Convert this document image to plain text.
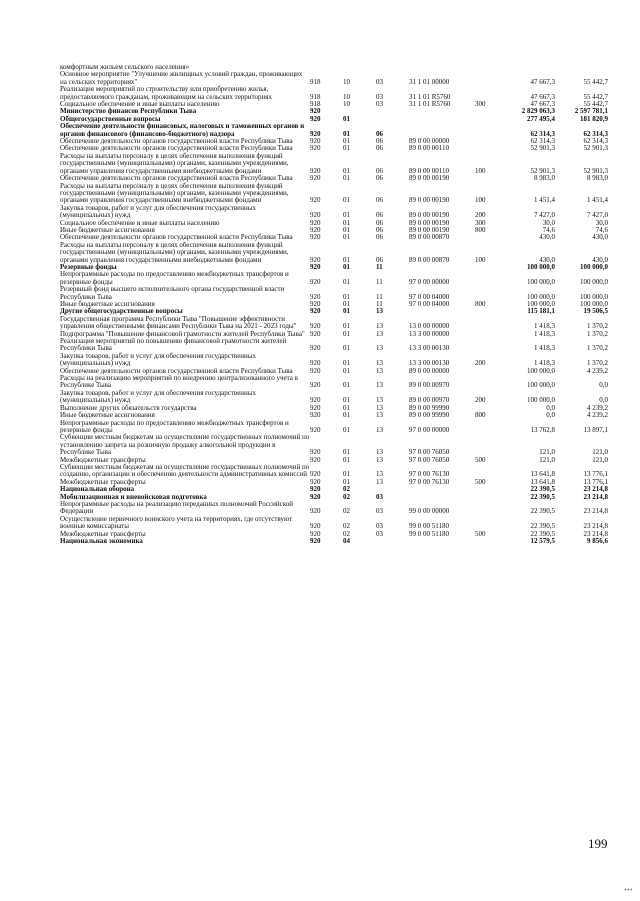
комфортным жильем сельского населения»							
Основное мероприятие "Улучшение жилищных условий граждан, проживающих на сельских территориях"	918	10	03	31 1 01 00000		47 667,3	55 442,7
Реализация мероприятий по строительству или приобретению жилья, предоставляемого гражданам, проживающим на сельских территориях	918	10	03	31 1 01 R5760		47 667,3	55 442,7
Социальное обеспечение и иные выплаты населению	918	10	03	31 1 01 R5760	300	47 667,3	55 442,7
Министерство финансов Республики Тыва	920					2 829 063,3	2 597 781,1
Общегосударственные вопросы	920	01				277 495,4	181 820,9
Обеспечение деятельности финансовых, налоговых и таможенных органов и органов финансового (финансово-бюджетного) надзора	920	01	06			62 314,3	62 314,3
Обеспечение деятельности органов государственной власти Республики Тыва	920	01	06	89 0 00 00000		62 314,3	62 314,3
Обеспечение деятельности органов государственной власти Республики Тыва	920	01	06	89 0 00 00110		52 901,3	52 901,3
Расходы на выплаты персоналу в целях обеспечения выполнения функций государственными (муниципальными) органами, казенными учреждениями, органами управления государственными внебюджетными фондами	920	01	06	89 0 00 00110	100	52 901,3	52 901,3
Обеспечение деятельности органов государственной власти Республики Тыва	920	01	06	89 0 00 00190		8 983,0	8 983,0
Расходы на выплаты персоналу в целях обеспечения выполнения функций государственными (муниципальными) органами, казенными учреждениями, органами управления государственными внебюджетными фондами	920	01	06	89 0 00 00190	100	1 451,4	1 451,4
Закупка товаров, работ и услуг для обеспечения государственных (муниципальных) нужд	920	01	06	89 0 00 00190	200	7 427,0	7 427,0
Социальное обеспечение и иные выплаты населению	920	01	06	89 0 00 00190	300	30,0	30,0
Иные бюджетные ассигнования	920	01	06	89 0 00 00190	800	74,6	74,6
Обеспечение деятельности органов государственной власти Республики Тыва	920	01	06	89 0 00 00870		430,0	430,0
Расходы на выплаты персоналу в целях обеспечения выполнения функций государственными (муниципальными) органами, казенными учреждениями, органами управления государственными внебюджетными фондами	920	01	06	89 0 00 00870	100	430,0	430,0
Резервные фонды	920	01	11			100 000,0	100 000,0
Непрограммные расходы по предоставлению межбюджетных трансфертов и резервные фонды	920	01	11	97 0 00 00000		100 000,0	100 000,0
Резервный фонд высшего исполнительного органа государственной власти Республики Тыва	920	01	11	97 0 00 04000		100 000,0	100 000,0
Иные бюджетные ассигнования	920	01	11	97 0 00 04000	800	100 000,0	100 000,0
Другие общегосударственные вопросы	920	01	13			115 181,1	19 506,5
Государственная программа Республики Тыва "Повышение эффективности управления общественными финансами Республики Тыва на 2021 - 2023 годы"	920	01	13	13 0 00 00000		1 418,3	1 370,2
Подпрограмма "Повышение финансовой грамотности жителей Республики Тыва"	920	01	13	13 3 00 00000		1 418,3	1 370,2
Реализация мероприятий по повышению финансовой грамотности жителей Республики Тыва	920	01	13	13 3 00 00130		1 418,3	1 370,2
Закупка товаров, работ и услуг для обеспечения государственных (муниципальных) нужд	920	01	13	13 3 00 00130	200	1 418,3	1 370,2
Обеспечение деятельности органов государственной власти Республики Тыва	920	01	13	89 0 00 00000		100 000,0	4 239,2
Расходы на реализацию мероприятий по внедрению централизованного учета в Республике Тыва	920	01	13	89 0 00 00970		100 000,0	0,0
Закупка товаров, работ и услуг для обеспечения государственных (муниципальных) нужд	920	01	13	89 0 00 00970	200	100 000,0	0,0
Выполнение других обязательств государства	920	01	13	89 0 00 99990		0,0	4 239,2
Иные бюджетные ассигнования	920	01	13	89 0 00 99990	800	0,0	4 239,2
Непрограммные расходы по предоставлению межбюджетных трансфертов и резервные фонды	920	01	13	97 0 00 00000		13 762,8	13 897,1
Субвенции местным бюджетам на осуществление государственных полномочий по установлению запрета на розничную продажу алкогольной продукции в Республике Тыва	920	01	13	97 0 00 76050		121,0	121,0
Межбюджетные трансферты	920	01	13	97 0 00 76050	500	121,0	121,0
Субвенции местным бюджетам на осуществление государственных полномочий по созданию, организации и обеспечению деятельности административных комиссий	920	01	13	97 0 00 76130		13 641,8	13 776,1
Межбюджетные трансферты	920	01	13	97 0 00 76130	500	13 641,8	13 776,1
Национальная оборона	920	02				22 390,5	23 214,8
Мобилизационная и вневойсковая подготовка	920	02	03			22 390,5	23 214,8
Непрограммные расходы на реализацию переданных полномочий Российской Федерации	920	02	03	99 0 00 00000		22 390,5	23 214,8
Осуществление первичного воинского учета на территориях, где отсутствуют военные комиссариаты	920	02	03	99 0 00 51180		22 390,5	23 214,8
Межбюджетные трансферты	920	02	03	99 0 00 51180	500	22 390,5	23 214,8
Национальная экономика	920	04				12 579,5	9 856,6
199
